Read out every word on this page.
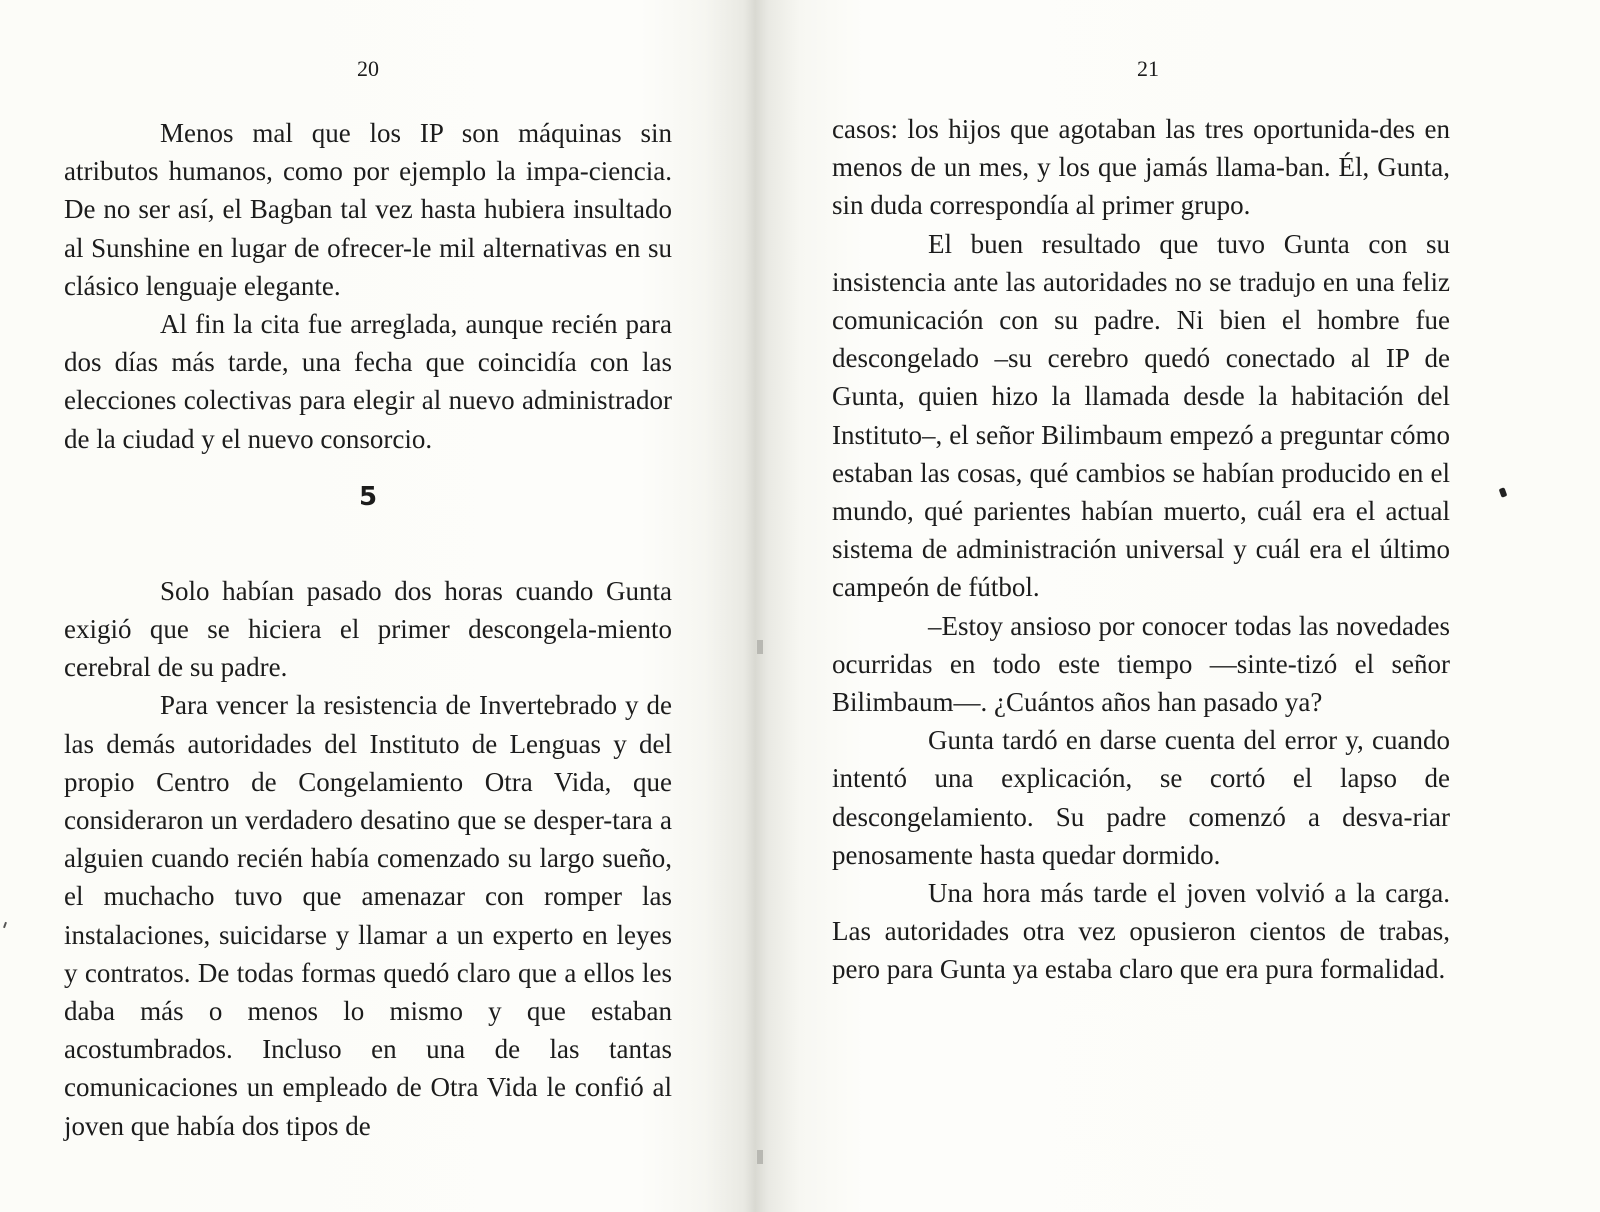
20

Menos mal que los IP son máquinas sin atributos humanos, como por ejemplo la impa-ciencia. De no ser así, el Bagban tal vez hasta hubiera insultado al Sunshine en lugar de ofrecer-le mil alternativas en su clásico lenguaje elegante.

Al fin la cita fue arreglada, aunque recién para dos días más tarde, una fecha que coincidía con las elecciones colectivas para elegir al nuevo administrador de la ciudad y el nuevo consorcio.

5

Solo habían pasado dos horas cuando Gunta exigió que se hiciera el primer descongela-miento cerebral de su padre.

Para vencer la resistencia de Invertebrado y de las demás autoridades del Instituto de Lenguas y del propio Centro de Congelamiento Otra Vida, que consideraron un verdadero desatino que se desper-tara a alguien cuando recién había comenzado su largo sueño, el muchacho tuvo que amenazar con romper las instalaciones, suicidarse y llamar a un experto en leyes y contratos. De todas formas quedó claro que a ellos les daba más o menos lo mismo y que estaban acostumbrados. Incluso en una de las tantas comunicaciones un empleado de Otra Vida le confió al joven que había dos tipos de

21

casos: los hijos que agotaban las tres oportunida-des en menos de un mes, y los que jamás llama-ban. Él, Gunta, sin duda correspondía al primer grupo.

El buen resultado que tuvo Gunta con su insistencia ante las autoridades no se tradujo en una feliz comunicación con su padre. Ni bien el hombre fue descongelado –su cerebro quedó conectado al IP de Gunta, quien hizo la llamada desde la habitación del Instituto–, el señor Bilimbaum empezó a preguntar cómo estaban las cosas, qué cambios se habían producido en el mundo, qué parientes habían muerto, cuál era el actual sistema de administración universal y cuál era el último campeón de fútbol.

–Estoy ansioso por conocer todas las novedades ocurridas en todo este tiempo —sinte-tizó el señor Bilimbaum—. ¿Cuántos años han pasado ya?

Gunta tardó en darse cuenta del error y, cuando intentó una explicación, se cortó el lapso de descongelamiento. Su padre comenzó a desva-riar penosamente hasta quedar dormido.

Una hora más tarde el joven volvió a la carga. Las autoridades otra vez opusieron cientos de trabas, pero para Gunta ya estaba claro que era pura formalidad.
